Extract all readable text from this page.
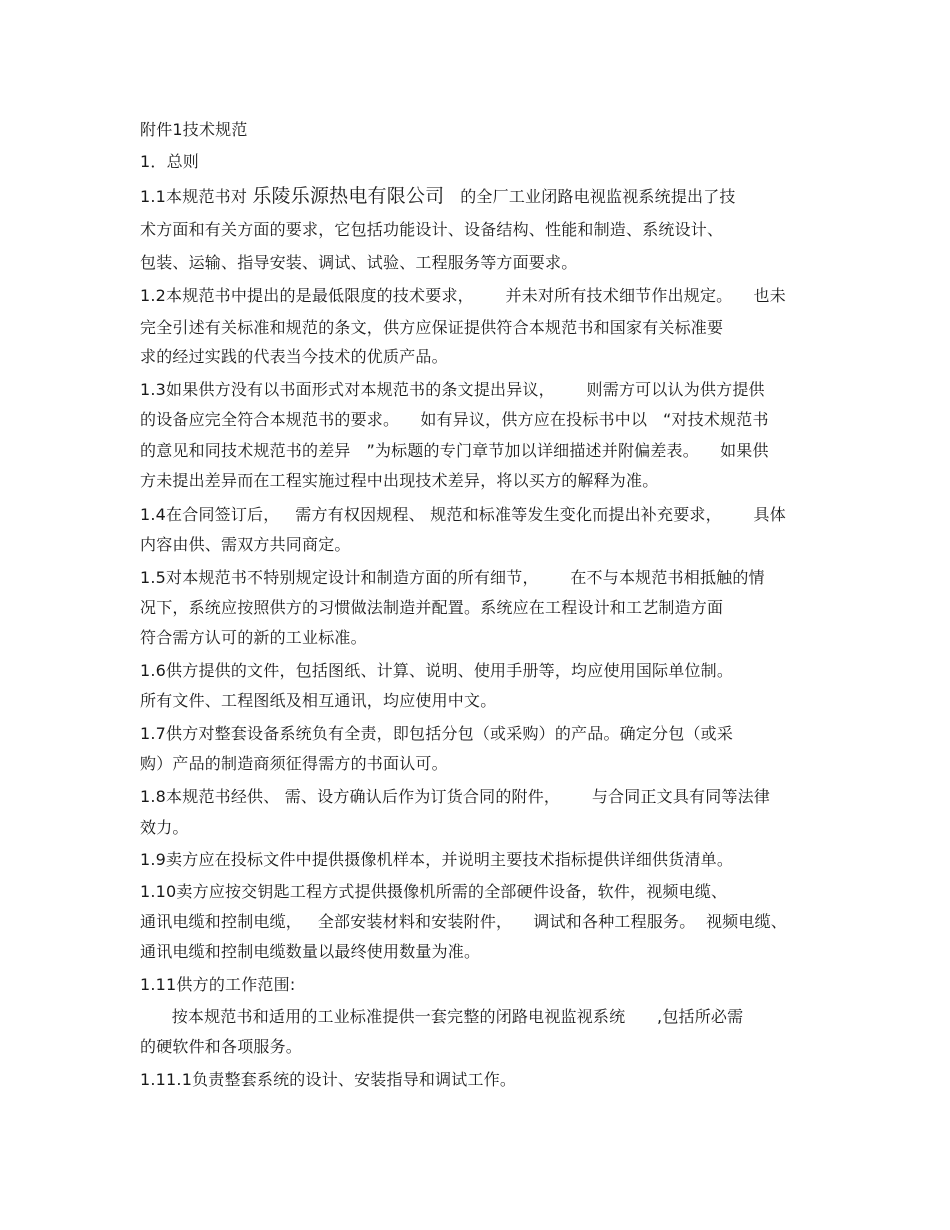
附件1技术规范
1．总则
1.1本规范书对 乐陵乐源热电有限公司 的全厂工业闭路电视监视系统提出了技
术方面和有关方面的要求，它包括功能设计、设备结构、性能和制造、系统设计、
包装、运输、指导安装、调试、试验、工程服务等方面要求。
1.2本规范书中提出的是最低限度的技术要求，      并未对所有技术细节作出规定。    也未
完全引述有关标准和规范的条文，供方应保证提供符合本规范书和国家有关标准要
求的经过实践的代表当今技术的优质产品。
1.3如果供方没有以书面形式对本规范书的条文提出异议，      则需方可以认为供方提供
的设备应完全符合本规范书的要求。    如有异议，供方应在投标书中以   “对技术规范书
的意见和同技术规范书的差异   ”为标题的专门章节加以详细描述并附偏差表。    如果供
方未提出差异而在工程实施过程中出现技术差异，将以买方的解释为准。
1.4在合同签订后，   需方有权因规程、 规范和标准等发生变化而提出补充要求，      具体
内容由供、需双方共同商定。
1.5对本规范书不特别规定设计和制造方面的所有细节，      在不与本规范书相抵触的情
况下，系统应按照供方的习惯做法制造并配置。系统应在工程设计和工艺制造方面
符合需方认可的新的工业标准。
1.6供方提供的文件，包括图纸、计算、说明、使用手册等，均应使用国际单位制。
所有文件、工程图纸及相互通讯，均应使用中文。
1.7供方对整套设备系统负有全责，即包括分包（或采购）的产品。确定分包（或采
购）产品的制造商须征得需方的书面认可。
1.8本规范书经供、 需、设方确认后作为订货合同的附件，      与合同正文具有同等法律
效力。
1.9卖方应在投标文件中提供摄像机样本，并说明主要技术指标提供详细供货清单。
1.10卖方应按交钥匙工程方式提供摄像机所需的全部硬件设备，软件，视频电缆、
通讯电缆和控制电缆，   全部安装材料和安装附件，    调试和各种工程服务。  视频电缆、
通讯电缆和控制电缆数量以最终使用数量为准。
1.11供方的工作范围:
按本规范书和适用的工业标准提供一套完整的闭路电视监视系统      ,包括所必需
的硬软件和各项服务。
1.11.1负责整套系统的设计、安装指导和调试工作。
